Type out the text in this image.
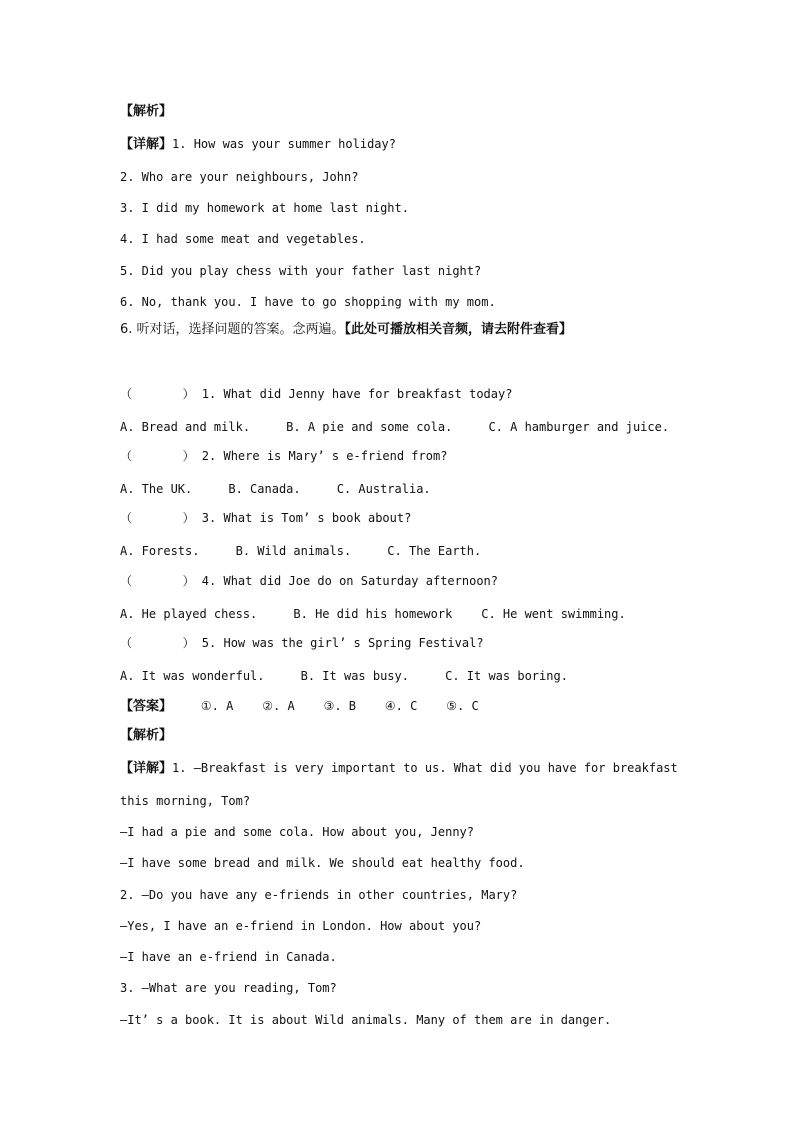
【解析】

【详解】1. How was your summer holiday?

2. Who are your neighbours, John?

3. I did my homework at home last night.

4. I had some meat and vegetables.

5. Did you play chess with your father last night?

6. No, thank you. I have to go shopping with my mom.

6. 听对话，选择问题的答案。念两遍。【此处可播放相关音频，请去附件查看】

（       ） 1. What did Jenny have for breakfast today?

A. Bread and milk.     B. A pie and some cola.     C. A hamburger and juice.

（       ） 2. Where is Mary’ s e-friend from?

A. The UK.     B. Canada.     C. Australia.

（       ） 3. What is Tom’ s book about?

A. Forests.     B. Wild animals.     C. The Earth.

（       ） 4. What did Joe do on Saturday afternoon?

A. He played chess.     B. He did his homework    C. He went swimming.

（       ） 5. How was the girl’ s Spring Festival?

A. It was wonderful.     B. It was busy.     C. It was boring.

【答案】    ①. A    ②. A    ③. B    ④. C    ⑤. C

【解析】

【详解】1. —Breakfast is very important to us. What did you have for breakfast

this morning, Tom?

—I had a pie and some cola. How about you, Jenny?

—I have some bread and milk. We should eat healthy food.

2. —Do you have any e-friends in other countries, Mary?

—Yes, I have an e-friend in London. How about you?

—I have an e-friend in Canada.

3. —What are you reading, Tom?

—It’ s a book. It is about Wild animals. Many of them are in danger.
